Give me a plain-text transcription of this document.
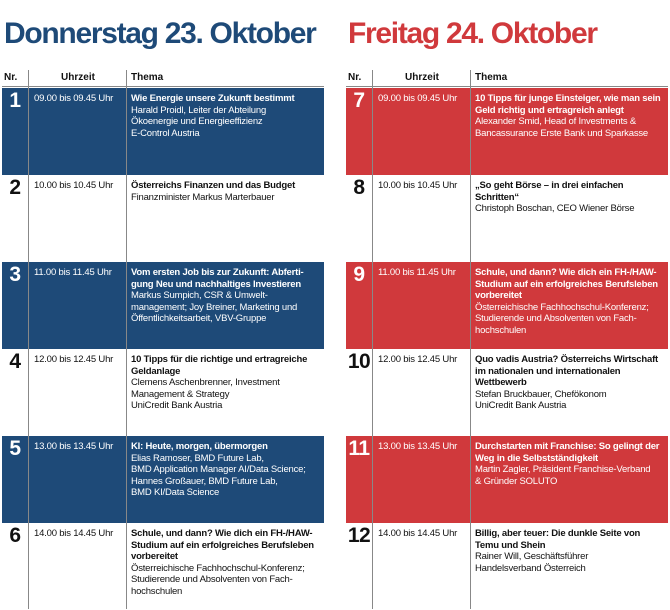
Donnerstag 23. Oktober
Nr.	Uhrzeit	Thema
1	09.00 bis 09.45 Uhr	Wie Energie unsere Zukunft bestimmt
Harald Proidl, Leiter der Abteilung
Ökoenergie und Energieeffizienz
E-Control Austria
2	10.00 bis 10.45 Uhr	Österreichs Finanzen und das Budget
Finanzminister Markus Marterbauer
3	11.00 bis 11.45 Uhr	Vom ersten Job bis zur Zukunft: Abferti-gung Neu und nachhaltiges Investieren
Markus Sumpich, CSR & Umwelt-
management; Joy Breiner, Marketing und
Öffentlichkeitsarbeit, VBV-Gruppe
4	12.00 bis 12.45 Uhr	10 Tipps für die richtige und ertragreiche Geldanlage
Clemens Aschenbrenner, Investment
Management & Strategy
UniCredit Bank Austria
5	13.00 bis 13.45 Uhr	KI: Heute, morgen, übermorgen
Elias Ramoser, BMD Future Lab,
BMD Application Manager AI/Data Science;
Hannes Großauer, BMD Future Lab,
BMD KI/Data Science
6	14.00 bis 14.45 Uhr	Schule, und dann? Wie dich ein FH-/HAW-Studium auf ein erfolgreiches Berufsleben vorbereitet
Österreichische Fachhochschul-Konferenz;
Studierende und Absolventen von Fach-
hochschulen
Freitag 24. Oktober
Nr.	Uhrzeit	Thema
7	09.00 bis 09.45 Uhr	10 Tipps für junge Einsteiger, wie man sein Geld richtig und ertragreich anlegt
Alexander Smid, Head of Investments &
Bancassurance Erste Bank und Sparkasse
8	10.00 bis 10.45 Uhr	„So geht Börse – in drei einfachen Schritten“
Christoph Boschan, CEO Wiener Börse
9	11.00 bis 11.45 Uhr	Schule, und dann? Wie dich ein FH-/HAW-Studium auf ein erfolgreiches Berufsleben vorbereitet
Österreichische Fachhochschul-Konferenz;
Studierende und Absolventen von Fach-
hochschulen
10 12.00 bis 12.45 Uhr	Quo vadis Austria? Österreichs Wirtschaft im nationalen und internationalen Wettbewerb
Stefan Bruckbauer, Chefökonom
UniCredit Bank Austria
11 13.00 bis 13.45 Uhr	Durchstarten mit Franchise: So gelingt der Weg in die Selbstständigkeit
Martin Zagler, Präsident Franchise-Verband
& Gründer SOLUTO
12 14.00 bis 14.45 Uhr	Billig, aber teuer: Die dunkle Seite von Temu und Shein
Rainer Will, Geschäftsführer
Handelsverband Österreich
